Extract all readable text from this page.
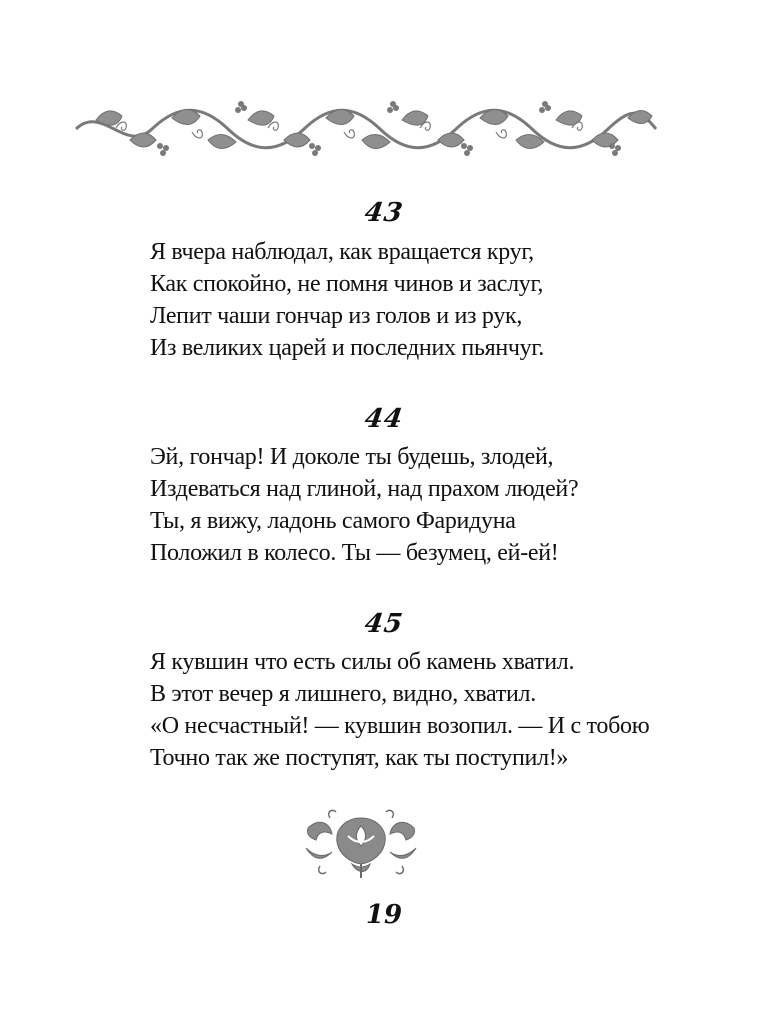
43
Я вчера наблюдал, как вращается круг,
Как спокойно, не помня чинов и заслуг,
Лепит чаши гончар из голов и из рук,
Из великих царей и последних пьянчуг.
44
Эй, гончар! И доколе ты будешь, злодей,
Издеваться над глиной, над прахом людей?
Ты, я вижу, ладонь самого Фаридуна
Положил в колесо. Ты — безумец, ей-ей!
45
Я кувшин что есть силы об камень хватил.
В этот вечер я лишнего, видно, хватил.
«О несчастный! — кувшин возопил. — И с тобою
Точно так же поступят, как ты поступил!»
19
